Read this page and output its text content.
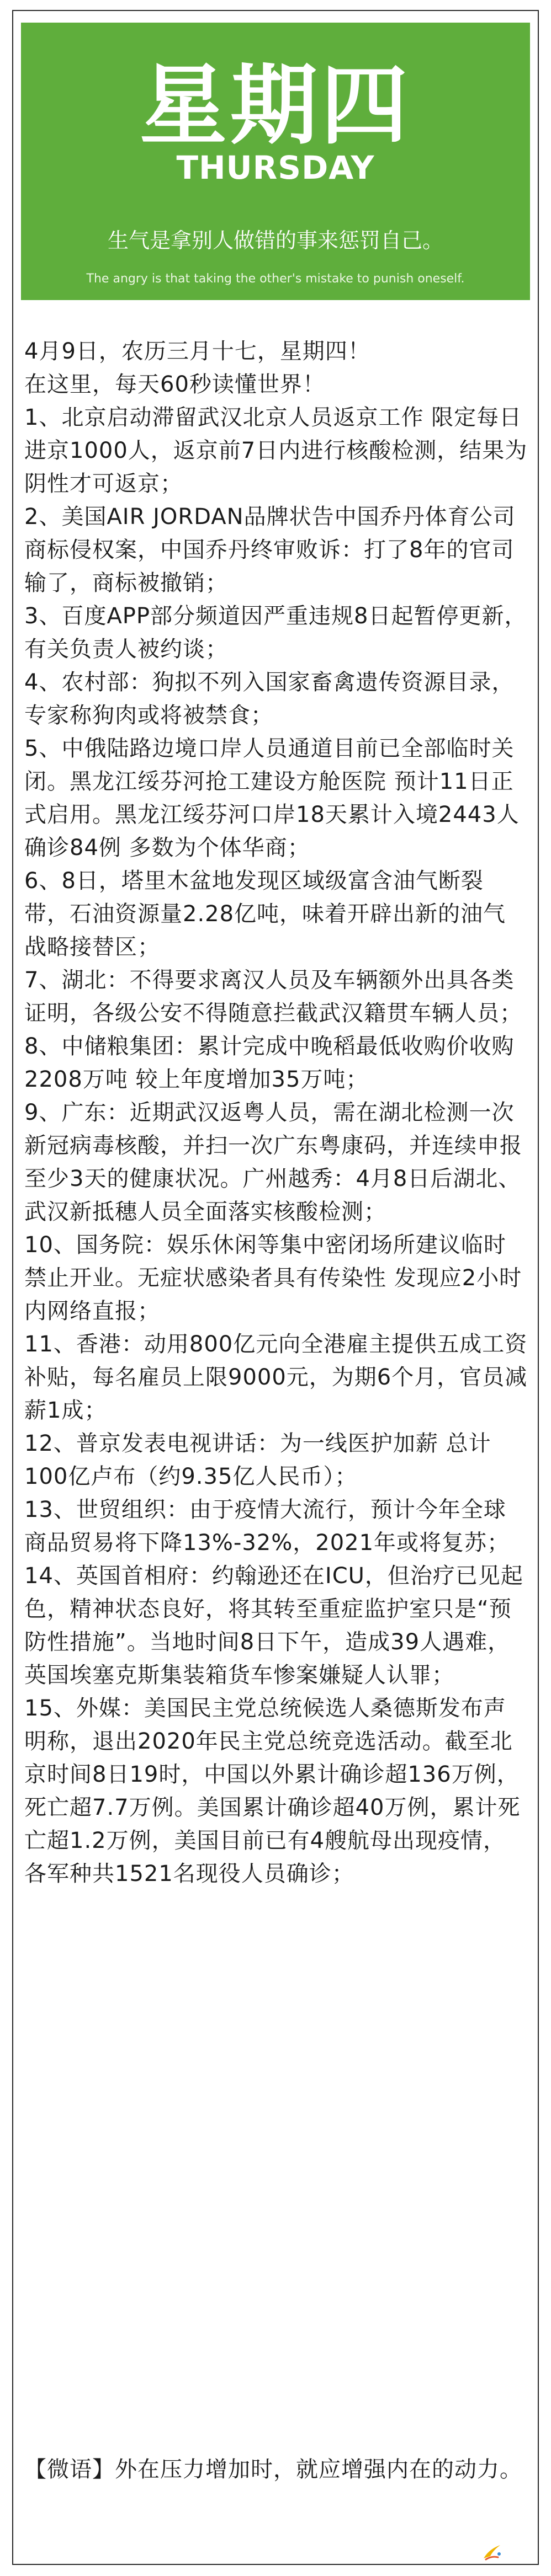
星期四
THURSDAY
生气是拿别人做错的事来惩罚自己。
The angry is that taking the other's mistake to punish oneself.

4月9日，农历三月十七，星期四！

在这里，每天60秒读懂世界！

1、北京启动滞留武汉北京人员返京工作 限定每日进京1000人，返京前7日内进行核酸检测，结果为阴性才可返京；

2、美国AIR JORDAN品牌状告中国乔丹体育公司商标侵权案，中国乔丹终审败诉：打了8年的官司输了，商标被撤销；

3、百度APP部分频道因严重违规8日起暂停更新，有关负责人被约谈；

4、农村部：狗拟不列入国家畜禽遗传资源目录，专家称狗肉或将被禁食；

5、中俄陆路边境口岸人员通道目前已全部临时关闭。黑龙江绥芬河抢工建设方舱医院 预计11日正式启用。黑龙江绥芬河口岸18天累计入境2443人确诊84例 多数为个体华商；

6、8日，塔里木盆地发现区域级富含油气断裂带，石油资源量2.28亿吨，味着开辟出新的油气战略接替区；

7、湖北：不得要求离汉人员及车辆额外出具各类证明，各级公安不得随意拦截武汉籍贯车辆人员；

8、中储粮集团：累计完成中晚稻最低收购价收购2208万吨 较上年度增加35万吨；

9、广东：近期武汉返粤人员，需在湖北检测一次新冠病毒核酸，并扫一次广东粤康码，并连续申报至少3天的健康状况。广州越秀：4月8日后湖北、武汉新抵穗人员全面落实核酸检测；

10、国务院：娱乐休闲等集中密闭场所建议临时禁止开业。无症状感染者具有传染性 发现应2小时内网络直报；

11、香港：动用800亿元向全港雇主提供五成工资补贴，每名雇员上限9000元，为期6个月，官员减薪1成；

12、普京发表电视讲话：为一线医护加薪 总计100亿卢布（约9.35亿人民币）；

13、世贸组织：由于疫情大流行，预计今年全球商品贸易将下降13%-32%，2021年或将复苏；

14、英国首相府：约翰逊还在ICU，但治疗已见起色，精神状态良好，将其转至重症监护室只是“预防性措施”。当地时间8日下午，造成39人遇难，英国埃塞克斯集装箱货车惨案嫌疑人认罪；

15、外媒：美国民主党总统候选人桑德斯发布声明称，退出2020年民主党总统竞选活动。截至北京时间8日19时，中国以外累计确诊超136万例，死亡超7.7万例。美国累计确诊超40万例，累计死亡超1.2万例，美国目前已有4艘航母出现疫情，各军种共1521名现役人员确诊；

【微语】外在压力增加时，就应增强内在的动力。
